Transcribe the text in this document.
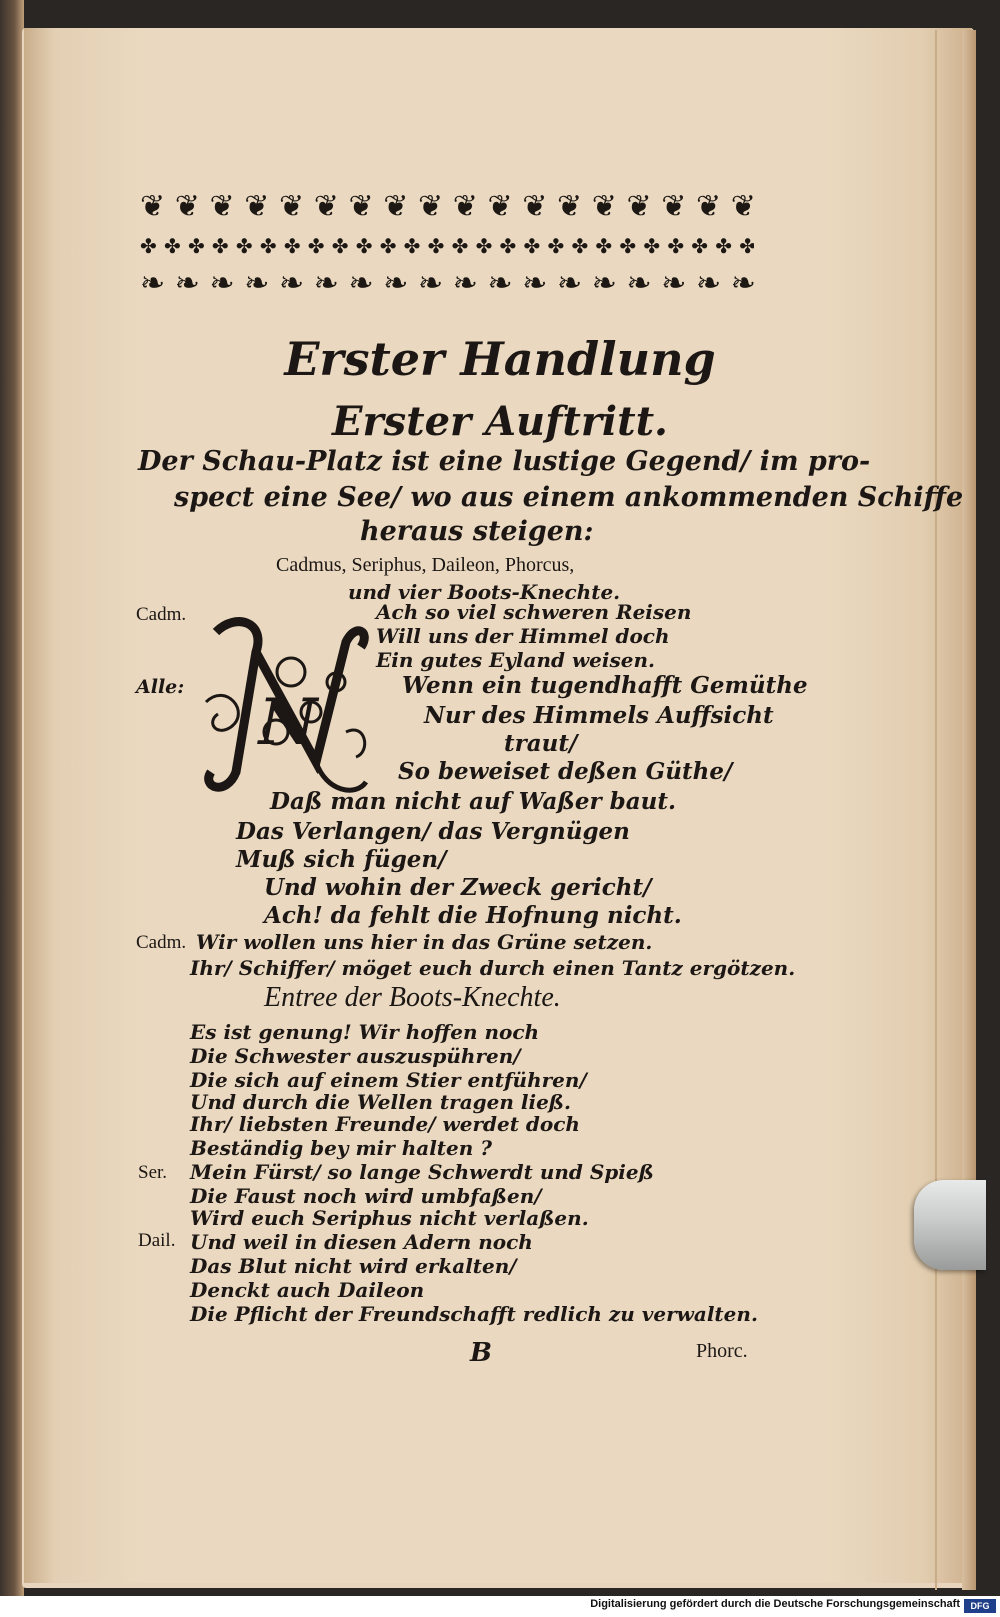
❦ ❦ ❦ ❦ ❦ ❦ ❦ ❦ ❦ ❦ ❦ ❦ ❦ ❦ ❦ ❦ ❦ ❦
✤ ✤ ✤ ✤ ✤ ✤ ✤ ✤ ✤ ✤ ✤ ✤ ✤ ✤ ✤ ✤ ✤ ✤ ✤ ✤ ✤ ✤ ✤ ✤ ✤ ✤
❧ ❧ ❧ ❧ ❧ ❧ ❧ ❧ ❧ ❧ ❧ ❧ ❧ ❧ ❧ ❧ ❧ ❧
Erster Handlung
Erster Auftritt.
Der Schau-Platz ist eine lustige Gegend/ im pro-
spect eine See/ wo aus einem ankommenden Schiffe
heraus steigen:
Cadmus, Seriphus, Daileon, Phorcus,
und vier Boots-Knechte.
N
Cadm.
Alle:
Cadm.
Ser.
Dail.
Ach so viel schweren Reisen
Will uns der Himmel doch
Ein gutes Eyland weisen.
Wenn ein tugendhafft Gemüthe
Nur des Himmels Auffsicht
traut/
So beweiset deßen Güthe/
Daß man nicht auf Waßer baut.
Das Verlangen/ das Vergnügen
Muß sich fügen/
Und wohin der Zweck gericht/
Ach! da fehlt die Hofnung nicht.
Wir wollen uns hier in das Grüne setzen.
Ihr/ Schiffer/ möget euch durch einen Tantz ergötzen.
Entree der Boots-Knechte.
Es ist genung! Wir hoffen noch
Die Schwester auszuspühren/
Die sich auf einem Stier entführen/
Und durch die Wellen tragen ließ.
Ihr/ liebsten Freunde/ werdet doch
Beständig bey mir halten ?
Mein Fürst/ so lange Schwerdt und Spieß
Die Faust noch wird umbfaßen/
Wird euch Seriphus nicht verlaßen.
Und weil in diesen Adern noch
Das Blut nicht wird erkalten/
Denckt auch Daileon
Die Pflicht der Freundschafft redlich zu verwalten.
B	Phorc.
Digitalisierung gefördert durch die Deutsche Forschungsgemeinschaft	DFG
